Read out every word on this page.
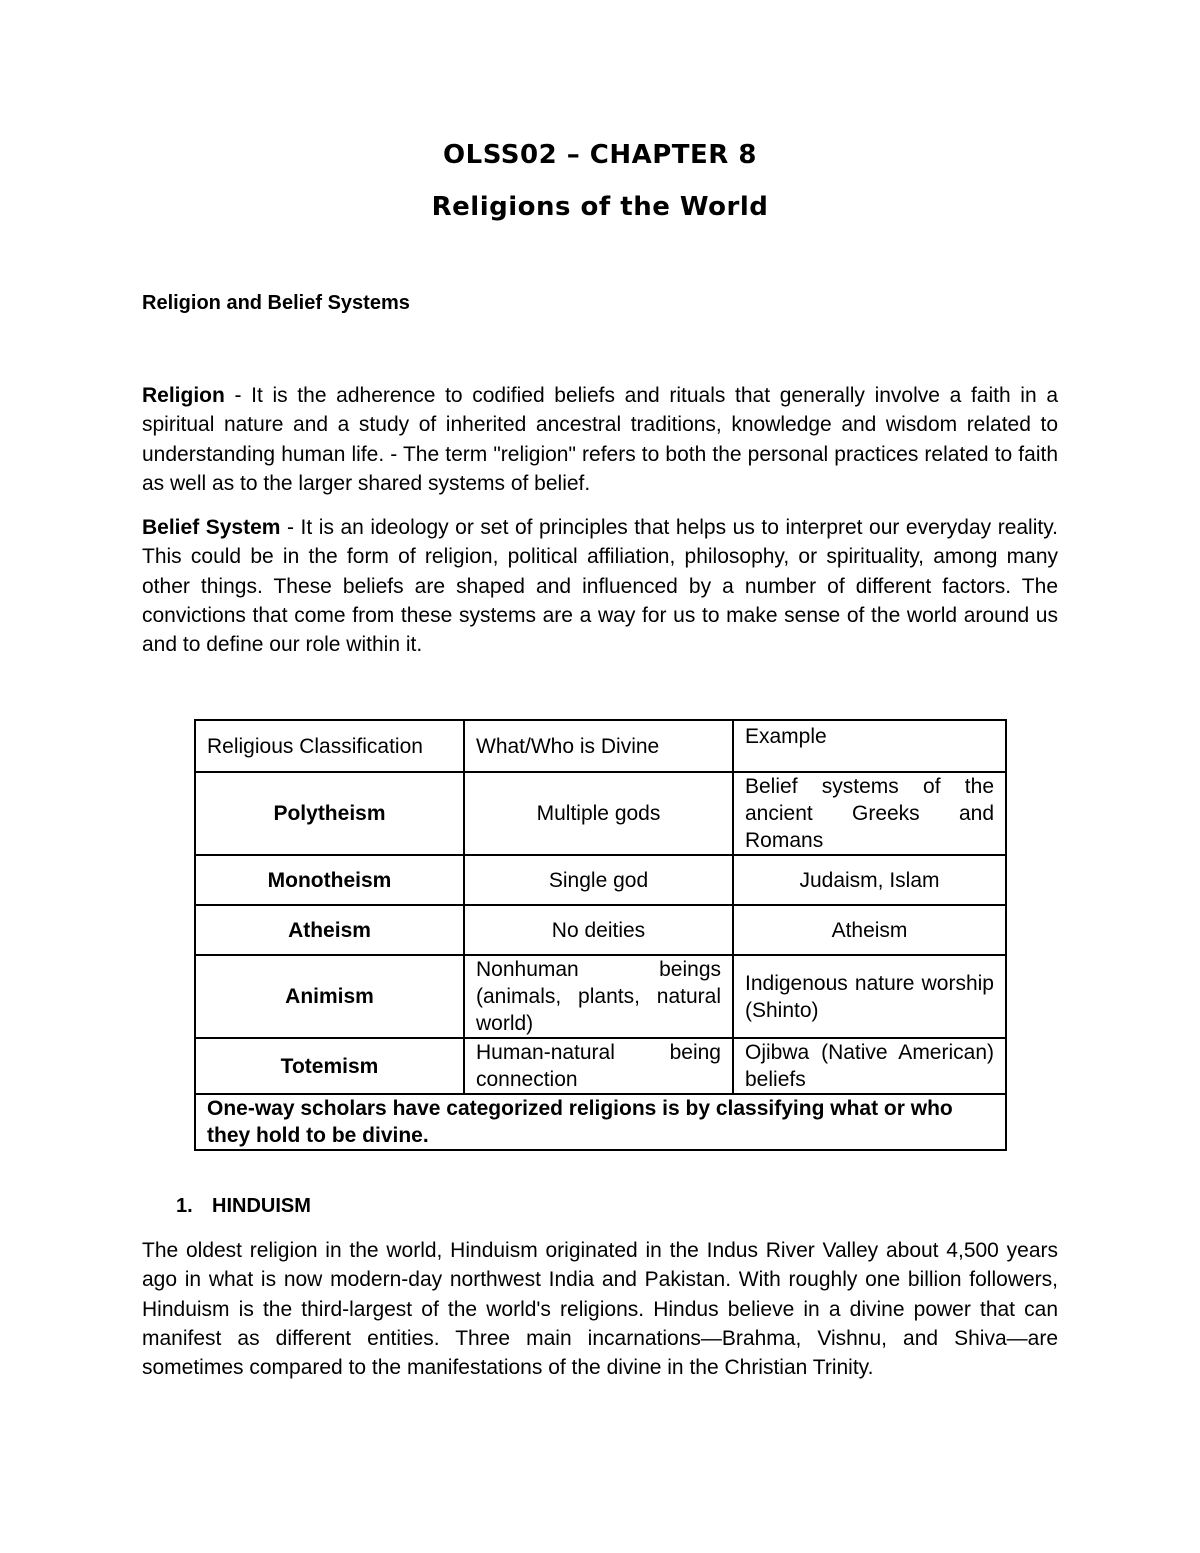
OLSS02 – CHAPTER 8
Religions of the World
Religion and Belief Systems

Religion - It is the adherence to codified beliefs and rituals that generally involve a faith in a spiritual nature and a study of inherited ancestral traditions, knowledge and wisdom related to understanding human life. - The term "religion" refers to both the personal practices related to faith as well as to the larger shared systems of belief.

Belief System - It is an ideology or set of principles that helps us to interpret our everyday reality. This could be in the form of religion, political affiliation, philosophy, or spirituality, among many other things. These beliefs are shaped and influenced by a number of different factors. The convictions that come from these systems are a way for us to make sense of the world around us and to define our role within it.

Religious Classification	What/Who is Divine	Example
Polytheism	Multiple gods	Belief systems of the ancient Greeks and Romans
Monotheism	Single god	Judaism, Islam
Atheism	No deities	Atheism
Animism	Nonhuman beings (animals, plants, natural world)	Indigenous nature worship (Shinto)
Totemism	Human-natural being connection	Ojibwa (Native American) beliefs
One-way scholars have categorized religions is by classifying what or who they hold to be divine.		
1. HINDUISM

The oldest religion in the world, Hinduism originated in the Indus River Valley about 4,500 years ago in what is now modern-day northwest India and Pakistan. With roughly one billion followers, Hinduism is the third-largest of the world's religions. Hindus believe in a divine power that can manifest as different entities. Three main incarnations—Brahma, Vishnu, and Shiva—are sometimes compared to the manifestations of the divine in the Christian Trinity.
